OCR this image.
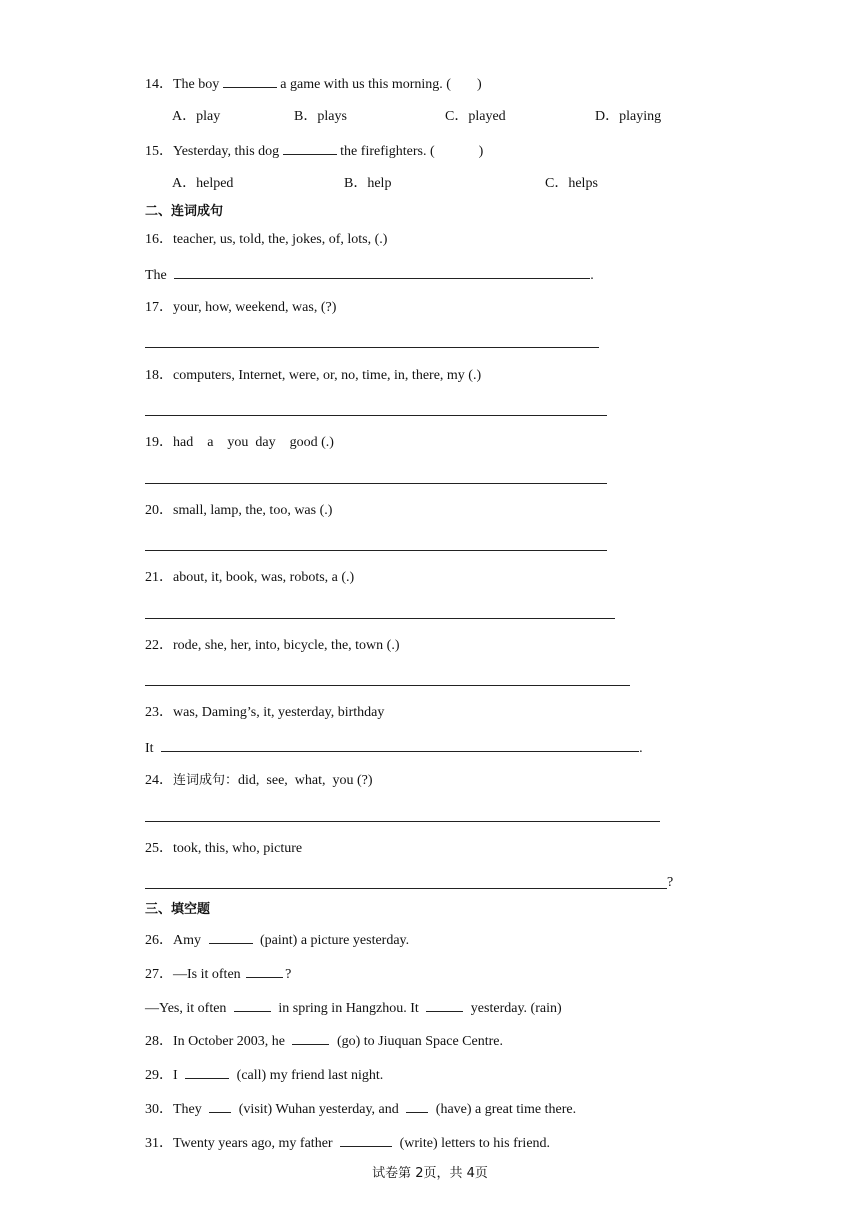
14．The boy	a game with us this morning. ( )
A．play	B．plays	C．played	D．playing
15．Yesterday, this dog	the firefighters. (	)
A．helped	B．help	C．helps
二、连词成句
16．teacher, us, told, the, jokes, of, lots, (.)
The	.
17．your, how, weekend, was, (?)
18．computers, Internet, were, or, no, time, in, there, my (.)
19．had    a    you  day    good (.)
20．small, lamp, the, too, was (.)
21．about, it, book, was, robots, a (.)
22．rode, she, her, into, bicycle, the, town (.)
23．was, Daming’s, it, yesterday, birthday
It	.
24．连词成句：did,  see,  what,  you (?)
25．took, this, who, picture
?
三、填空题
26．Amy	(paint) a picture yesterday.
27．—Is it often	?
—Yes, it often	in spring in Hangzhou. It	yesterday. (rain)
28．In October 2003, he	(go) to Jiuquan Space Centre.
29．I	(call) my friend last night.
30．They	(visit) Wuhan yesterday, and	(have) a great time there.
31．Twenty years ago, my father	(write) letters to his friend.
试卷第 2页，共 4页
